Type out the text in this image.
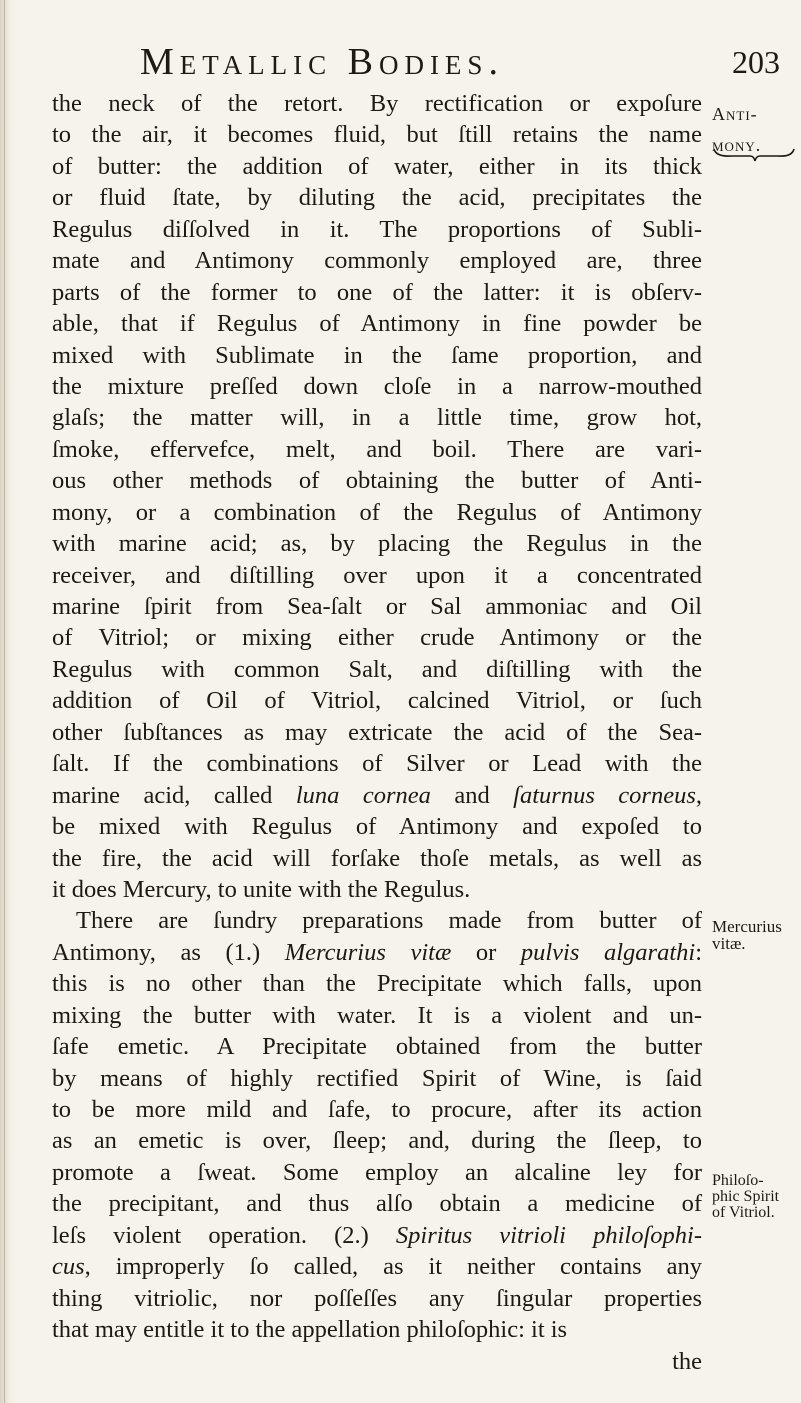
Metallic Bodies.	203
Anti-
mony.
Mercurius
vitæ.
Philoſo-
phic Spirit
of Vitriol.
the neck of the retort. By rectification or expoſure
to the air, it becomes fluid, but ſtill retains the name
of butter: the addition of water, either in its thick
or fluid ſtate, by diluting the acid, precipitates the
Regulus diſſolved in it. The proportions of Subli-
mate and Antimony commonly employed are, three
parts of the former to one of the latter: it is obſerv-
able, that if Regulus of Antimony in fine powder be
mixed with Sublimate in the ſame proportion, and
the mixture preſſed down cloſe in a narrow-mouthed
glaſs; the matter will, in a little time, grow hot,
ſmoke, effervefce, melt, and boil. There are vari-
ous other methods of obtaining the butter of Anti-
mony, or a combination of the Regulus of Antimony
with marine acid; as, by placing the Regulus in the
receiver, and diſtilling over upon it a concentrated
marine ſpirit from Sea-ſalt or Sal ammoniac and Oil
of Vitriol; or mixing either crude Antimony or the
Regulus with common Salt, and diſtilling with the
addition of Oil of Vitriol, calcined Vitriol, or ſuch
other ſubſtances as may extricate the acid of the Sea-
ſalt. If the combinations of Silver or Lead with the
marine acid, called luna cornea and ſaturnus corneus,
be mixed with Regulus of Antimony and expoſed to
the fire, the acid will forſake thoſe metals, as well as
it does Mercury, to unite with the Regulus.
There are ſundry preparations made from butter of
Antimony, as (1.) Mercurius vitæ or pulvis algarathi:
this is no other than the Precipitate which falls, upon
mixing the butter with water. It is a violent and un-
ſafe emetic. A Precipitate obtained from the butter
by means of highly rectified Spirit of Wine, is ſaid
to be more mild and ſafe, to procure, after its action
as an emetic is over, ſleep; and, during the ſleep, to
promote a ſweat. Some employ an alcaline ley for
the precipitant, and thus alſo obtain a medicine of
leſs violent operation. (2.) Spiritus vitrioli philoſophi-
cus, improperly ſo called, as it neither contains any
thing vitriolic, nor poſſeſſes any ſingular properties
that may entitle it to the appellation philoſophic: it is
the
